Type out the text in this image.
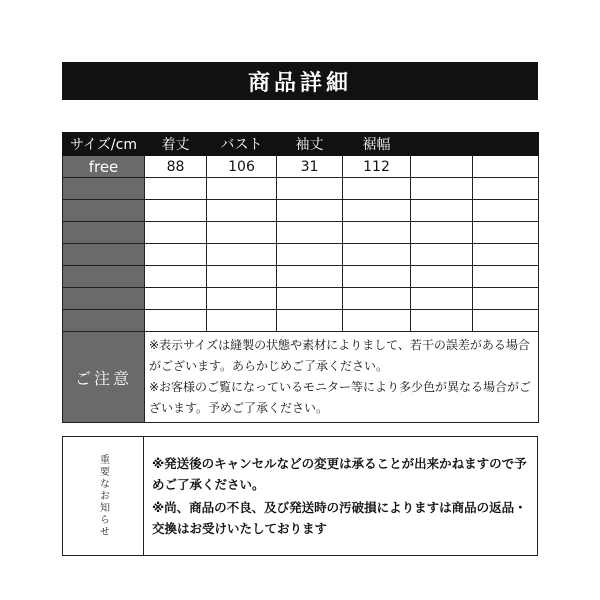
商品詳細
サイズ/cm	着丈	バスト	袖丈	裾幅		
free	88	106	31	112		

ご注意	※表示サイズは縫製の状態や素材によりまして、若干の誤差がある場合がございます。あらかじめご了承ください。
※お客様のご覧になっているモニター等により多少色が異なる場合がございます。予めご了承ください。					
重要なお知らせ	※発送後のキャンセルなどの変更は承ることが出来かねますので予めご了承ください。

※尚、商品の不良、及び発送時の汚破損によりますは商品の返品・交換はお受けいたしております
